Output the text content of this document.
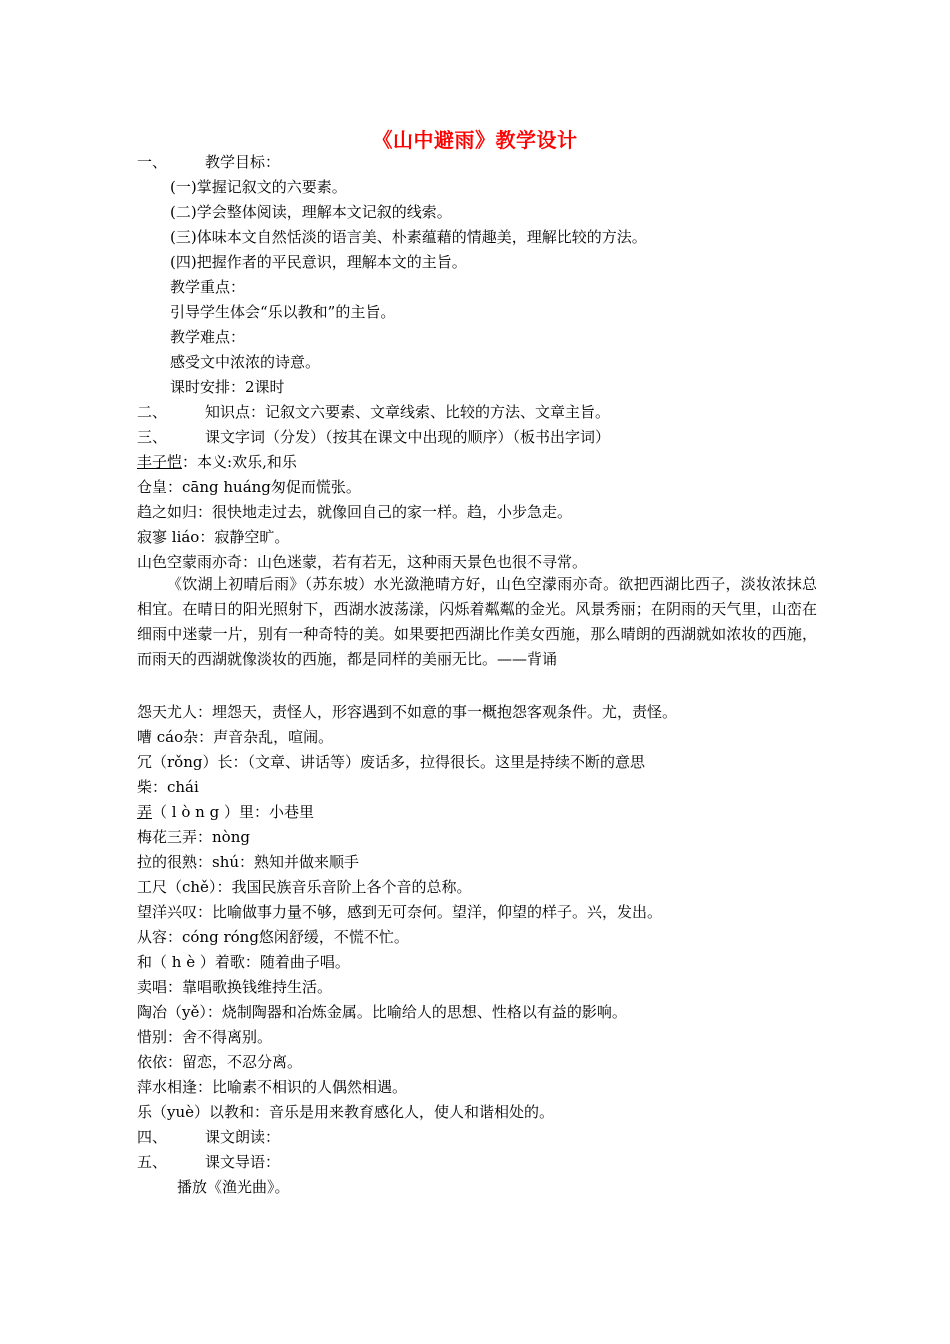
《山中避雨》教学设计
一、	教学目标：
(一)掌握记叙文的六要素。
(二)学会整体阅读，理解本文记叙的线索。
(三)体味本文自然恬淡的语言美、朴素蕴藉的情趣美，理解比较的方法。
(四)把握作者的平民意识，理解本文的主旨。
教学重点：
引导学生体会“乐以教和”的主旨。
教学难点：
感受文中浓浓的诗意。
课时安排：2课时
二、	知识点：记叙文六要素、文章线索、比较的方法、文章主旨。
三、	课文字词（分发）（按其在课文中出现的顺序）（板书出字词）
丰子恺：本义:欢乐,和乐
仓皇：cāng huáng匆促而慌张。
趋之如归：很快地走过去，就像回自己的家一样。趋，小步急走。
寂寥 liáo：寂静空旷。
山色空蒙雨亦奇：山色迷蒙，若有若无，这种雨天景色也很不寻常。
《饮湖上初晴后雨》（苏东坡）水光潋滟晴方好，山色空濛雨亦奇。欲把西湖比西子，淡妆浓抹总相宜。在晴日的阳光照射下，西湖水波荡漾，闪烁着粼粼的金光。风景秀丽；在阴雨的天气里，山峦在细雨中迷蒙一片，别有一种奇特的美。如果要把西湖比作美女西施，那么晴朗的西湖就如浓妆的西施，而雨天的西湖就像淡妆的西施，都是同样的美丽无比。——背诵
怨天尤人：埋怨天，责怪人，形容遇到不如意的事一概抱怨客观条件。尤，责怪。
嘈 cáo杂：声音杂乱，喧闹。
冗（rǒng）长：（文章、讲话等）废话多，拉得很长。这里是持续不断的意思
柴：chái
弄（ l ò n g ）里：小巷里
梅花三弄：nòng
拉的很熟：shú：熟知并做来顺手
工尺（chě）：我国民族音乐音阶上各个音的总称。
望洋兴叹：比喻做事力量不够，感到无可奈何。望洋，仰望的样子。兴，发出。
从容：cóng róng悠闲舒缓，不慌不忙。
和（ h è ）着歌：随着曲子唱。
卖唱：靠唱歌换钱维持生活。
陶冶（yě）：烧制陶器和冶炼金属。比喻给人的思想、性格以有益的影响。
惜别：舍不得离别。
依依：留恋，不忍分离。
萍水相逢：比喻素不相识的人偶然相遇。
乐（yuè）以教和：音乐是用来教育感化人，使人和谐相处的。
四、	课文朗读：
五、	课文导语：
播放《渔光曲》。
